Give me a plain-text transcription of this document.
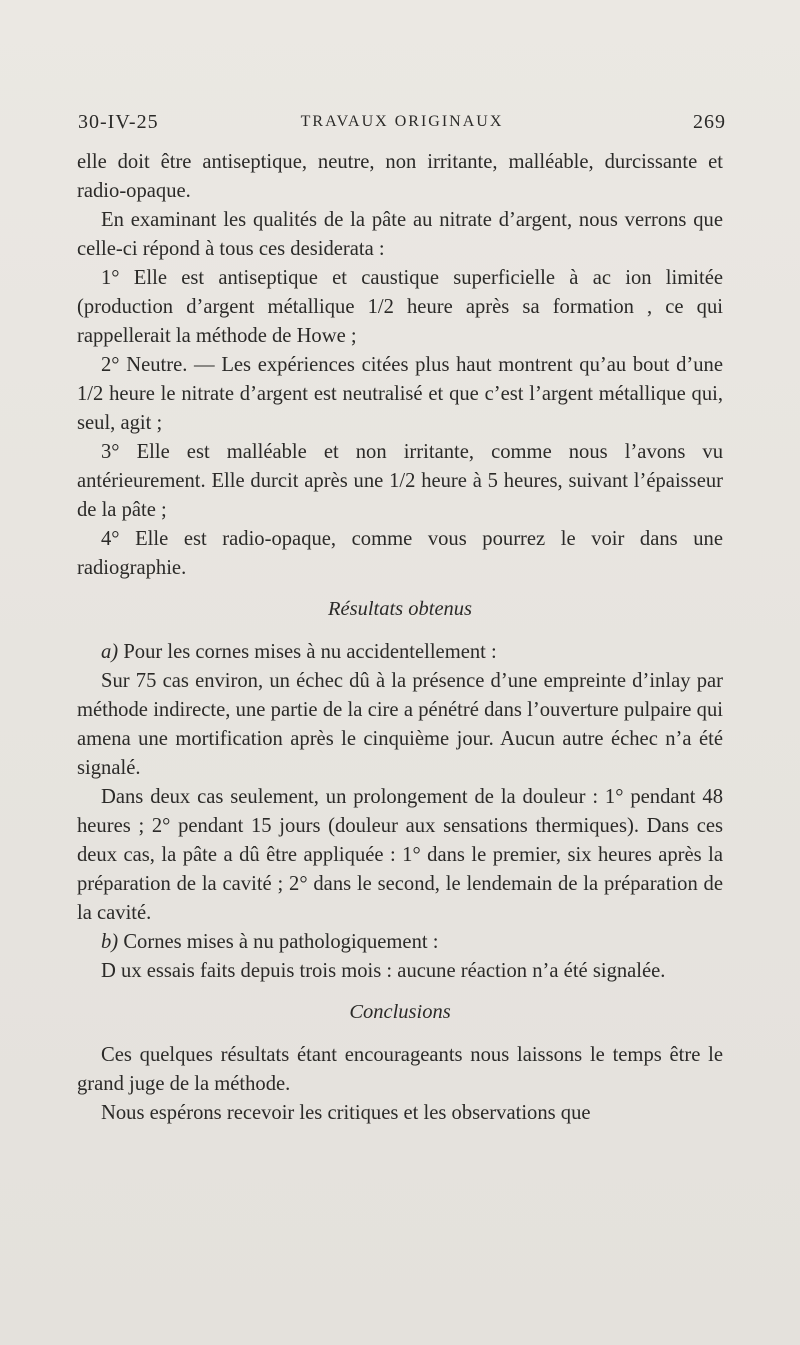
30-IV-25	TRAVAUX ORIGINAUX	269

elle doit être antiseptique, neutre, non irritante, malléable, durcissante et radio-opaque.

En examinant les qualités de la pâte au nitrate d’argent, nous verrons que celle-ci répond à tous ces desiderata :

1° Elle est antiseptique et caustique superficielle à ac ion limitée (production d’argent métallique 1/2 heure après sa formation , ce qui rappellerait la méthode de Howe ;

2° Neutre. — Les expériences citées plus haut montrent qu’au bout d’une 1/2 heure le nitrate d’argent est neutralisé et que c’est l’argent métallique qui, seul, agit ;

3° Elle est malléable et non irritante, comme nous l’avons vu antérieurement. Elle durcit après une 1/2 heure à 5 heures, suivant l’épaisseur de la pâte ;

4° Elle est radio-opaque, comme vous pourrez le voir dans une radiographie.

Résultats obtenus

a) Pour les cornes mises à nu accidentellement :

Sur 75 cas environ, un échec dû à la présence d’une empreinte d’inlay par méthode indirecte, une partie de la cire a pénétré dans l’ouverture pulpaire qui amena une mortification après le cinquième jour. Aucun autre échec n’a été signalé.

Dans deux cas seulement, un prolongement de la douleur : 1° pendant 48 heures ; 2° pendant 15 jours (douleur aux sensations thermiques). Dans ces deux cas, la pâte a dû être appliquée : 1° dans le premier, six heures après la préparation de la cavité ; 2° dans le second, le lendemain de la préparation de la cavité.

b) Cornes mises à nu pathologiquement :

D ux essais faits depuis trois mois : aucune réaction n’a été signalée.

Conclusions

Ces quelques résultats étant encourageants nous laissons le temps être le grand juge de la méthode.

Nous espérons recevoir les critiques et les observations que
